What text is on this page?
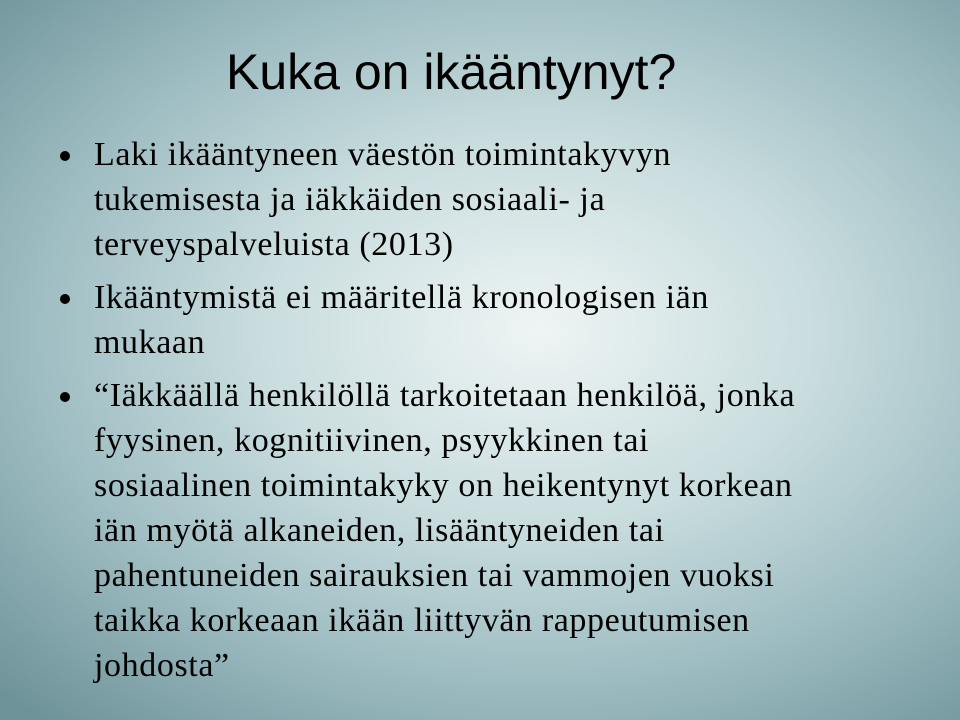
Kuka on ikääntynyt?
Laki ikääntyneen väestön toimintakyvyn
tukemisesta ja iäkkäiden sosiaali- ja
terveyspalveluista (2013)
Ikääntymistä ei määritellä kronologisen iän
mukaan
“Iäkkäällä henkilöllä tarkoitetaan henkilöä, jonka
fyysinen, kognitiivinen, psyykkinen tai
sosiaalinen toimintakyky on heikentynyt korkean
iän myötä alkaneiden, lisääntyneiden tai
pahentuneiden sairauksien tai vammojen vuoksi
taikka korkeaan ikään liittyvän rappeutumisen
johdosta”
